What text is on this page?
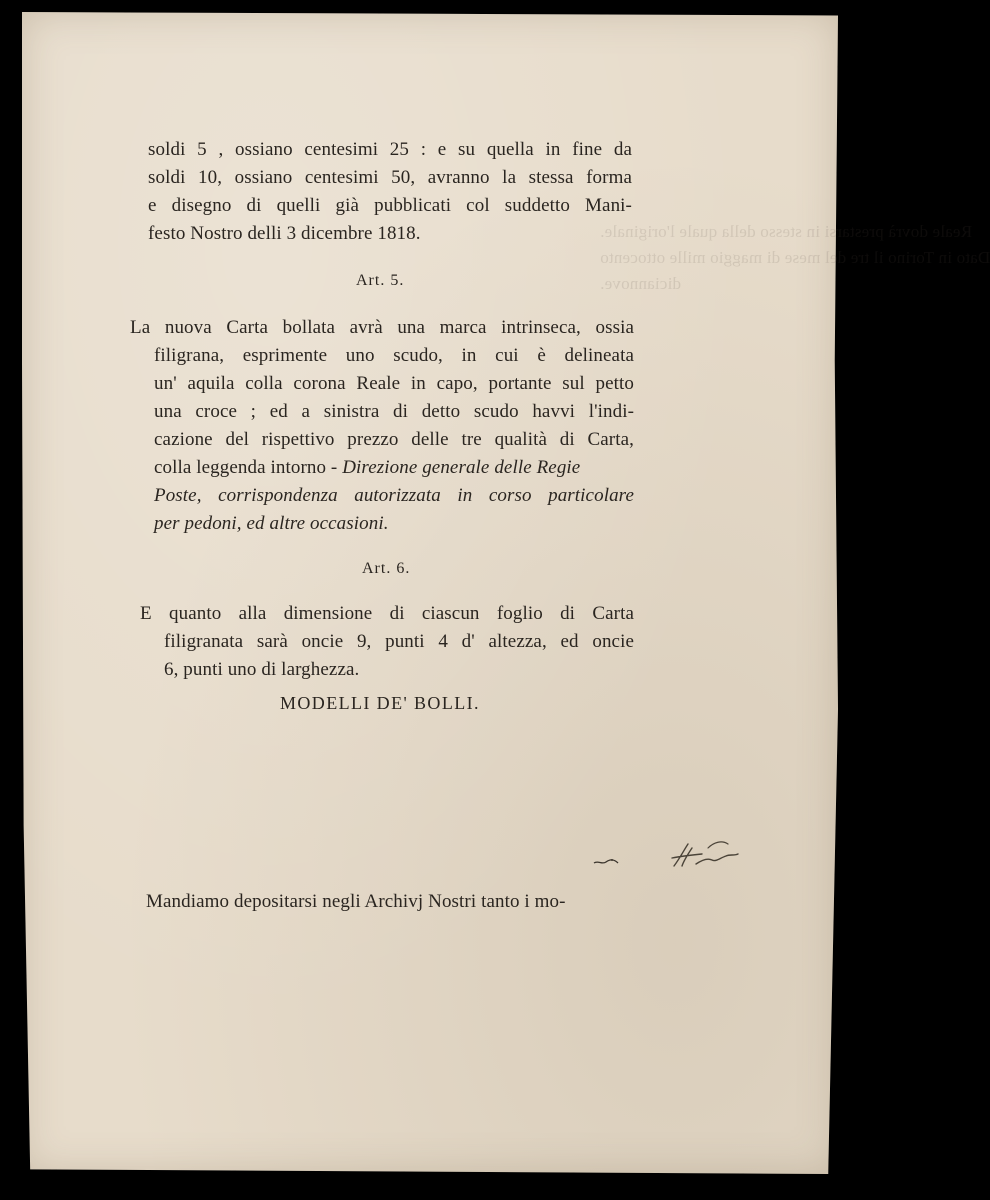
Reale dovrà prestarsi in stesso della quale l'originale.
Dato in Torino il tre del mese di maggio mille ottocento
diciannove.
soldi 5 , ossiano centesimi 25 : e su quella in fine da
soldi 10, ossiano centesimi 50, avranno la stessa forma
e disegno di quelli già pubblicati col suddetto Mani-
festo Nostro delli 3 dicembre 1818.
Art. 5.
La nuova Carta bollata avrà una marca intrinseca, ossia
filigrana, esprimente uno scudo, in cui è delineata
un' aquila colla corona Reale in capo, portante sul petto
una croce ; ed a sinistra di detto scudo havvi l'indi-
cazione del rispettivo prezzo delle tre qualità di Carta,
colla leggenda intorno - Direzione generale delle Regie
Poste, corrispondenza autorizzata in corso particolare
per pedoni, ed altre occasioni.
Art. 6.
E quanto alla dimensione di ciascun foglio di Carta
filigranata sarà oncie 9, punti 4 d' altezza, ed oncie
6, punti uno di larghezza.
MODELLI DE' BOLLI.
Mandiamo depositarsi negli Archivj Nostri tanto i mo-
